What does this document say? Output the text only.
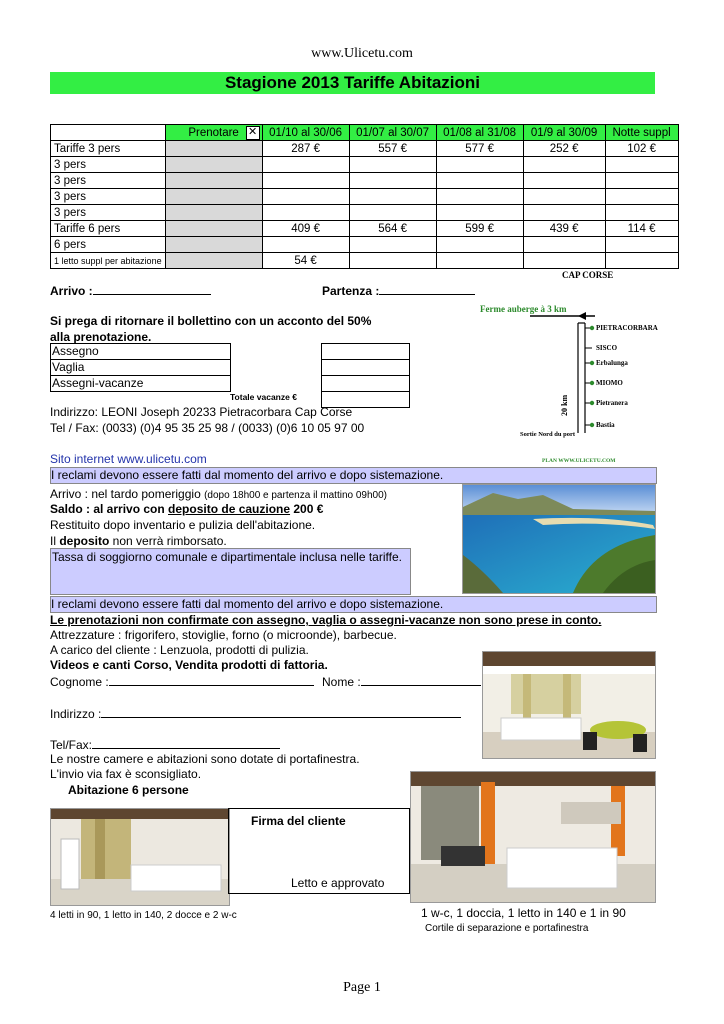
www.Ulicetu.com
Stagione 2013 Tariffe Abitazioni
	Prenotare ✕	01/10 al 30/06	01/07 al 30/07	01/08 al 31/08	01/9 al 30/09	Notte suppl
Tariffe 3 pers		287 €	557 €	577 €	252 €	102 €
3 pers						
3 pers						
3 pers						
3 pers						
Tariffe 6 pers		409 €	564 €	599 €	439 €	114 €
6 pers						
1 letto suppl per abitazione		54 €				
Arrivo :	Partenza :
Si prega di ritornare il bollettino con un acconto del 50% alla prenotazione.
Assegno
Vaglia
Assegni-vacanze
Totale vacanze €
Indirizzo: LEONI Joseph 20233 Pietracorbara Cap Corse
Tel / Fax: (0033) (0)4 95 35 25 98 / (0033) (0)6 10 05 97 00
Sito internet www.ulicetu.com
CAP CORSE
Ferme auberge à 3 km
PIETRACORBARA
SISCO
Erbalunga
MIOMO
Pietranera
Bastia
20 km
Sortie Nord du port
PLAN WWW.ULICETU.COM
I reclami devono essere fatti dal momento del arrivo e dopo sistemazione.
Arrivo : nel tardo pomeriggio (dopo 18h00 e partenza il mattino 09h00)
Saldo : al arrivo con deposito de cauzione 200 €
Restituito dopo inventario e pulizia dell'abitazione.
Il deposito non verrà rimborsato.
Tassa di soggiorno comunale e dipartimentale inclusa nelle tariffe.
I reclami devono essere fatti dal momento del arrivo e dopo sistemazione.
Le prenotazioni non confirmate con assegno, vaglia o assegni-vacanze non sono prese in conto.
Attrezzature : frigorifero, stoviglie, forno (o microonde), barbecue.
A carico del cliente : Lenzuola, prodotti di pulizia.
Videos e canti Corso, Vendita prodotti di fattoria.
Cognome :	Nome :
Indirizzo :
Tel/Fax:
Le nostre camere e abitazioni sono dotate di portafinestra.
L'invio via fax è sconsigliato.
Abitazione 6 persone
Firma del cliente
Letto e approvato
4 letti in 90, 1 letto in 140, 2 docce e 2 w-c	1 w-c, 1 doccia, 1 letto in 140 e 1 in 90
Cortile di separazione e portafinestra
Page 1
